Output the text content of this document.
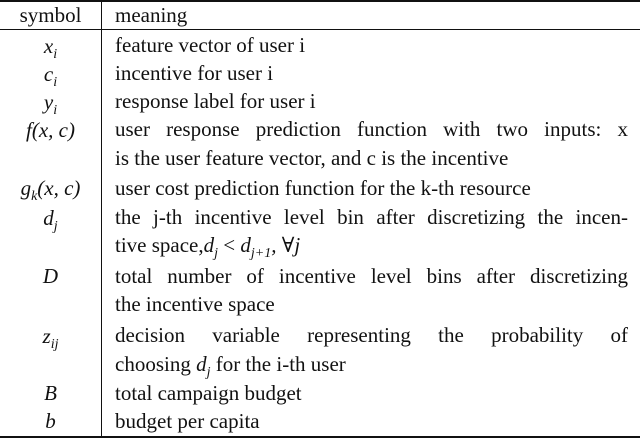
symbol	meaning
$x_i$	feature vector of user i
$c_i$	incentive for user i
$y_i$	response label for user i
f(x, c)	user response prediction function with two inputs: x
is the user feature vector, and c is the incentive
$g_k(x$, c)	user cost prediction function for the k-th resource
$d_j$	the j-th incentive level bin after discretizing the incen-
tive $space,d_j < d_{j+1}$, ∀j
D	total number of incentive level bins after discretizing
the incentive space
$z_{ij}$	decision variable representing the probability of
choosing $d_j$ for the i-th user
B	total campaign budget
b	budget per capita
